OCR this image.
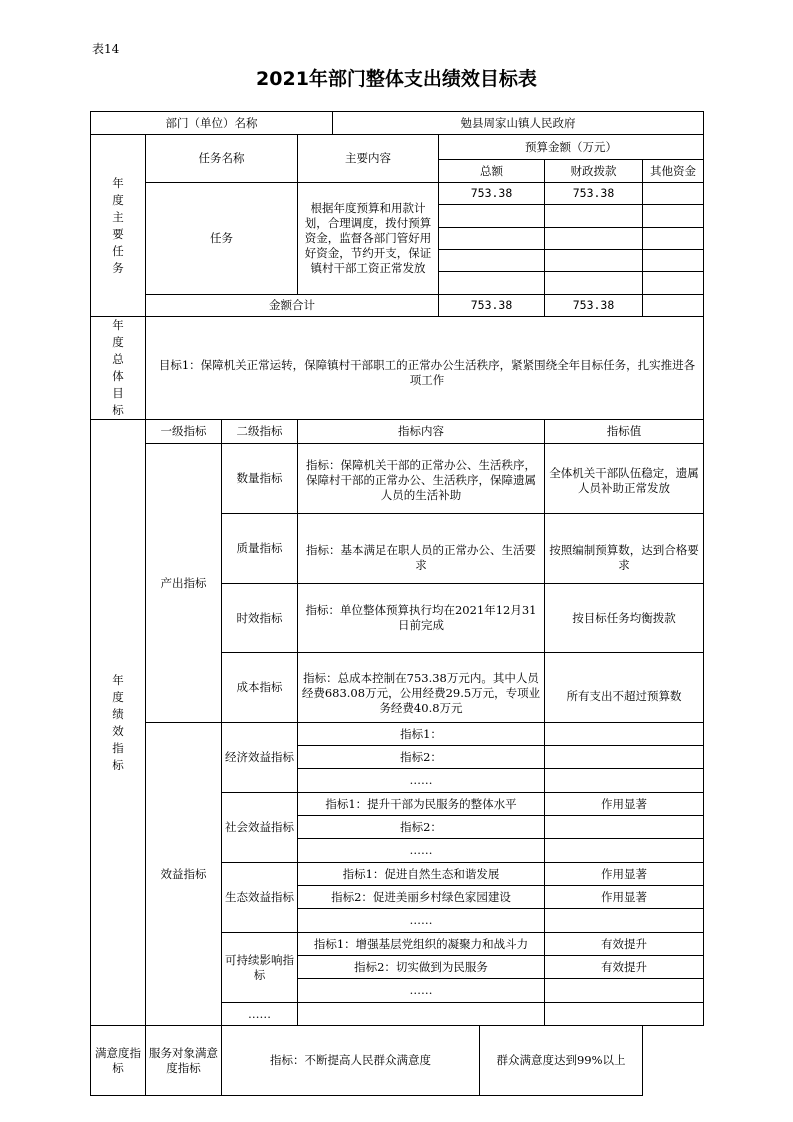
表14
2021年部门整体支出绩效目标表
部门（单位）名称				勉县周家山镇人民政府				
年度主要任务	任务名称		主要内容		预算金额（万元）			
					总额		财政拨款	其他资金
	任务		根据年度预算和用款计划，合理调度，拨付预算资金，监督各部门管好用好资金，节约开支，保证镇村干部工资正常发放		753.38		753.38	

	金额合计				753.38		753.38	
年度总体目标	目标1：保障机关正常运转，保障镇村干部职工的正常办公生活秩序，紧紧围绕全年目标任务，扎实推进各项工作							
年度绩效指标	一级指标	二级指标	指标内容				指标值	
	产出指标	数量指标	指标：保障机关干部的正常办公、生活秩序，保障村干部的正常办公、生活秩序，保障遗属人员的生活补助				全体机关干部队伍稳定，遗属人员补助正常发放	
		质量指标	指标：基本满足在职人员的正常办公、生活要求				按照编制预算数，达到合格要求	
		时效指标	指标：单位整体预算执行均在2021年12月31日前完成				按目标任务均衡拨款	
		成本指标	指标：总成本控制在753.38万元内。其中人员经费683.08万元，公用经费29.5万元，专项业务经费40.8万元				所有支出不超过预算数	
	效益指标	经济效益指标	指标1：					
			指标2：					
			……					
		社会效益指标	指标1：提升干部为民服务的整体水平				作用显著	
			指标2：					
			……					
		生态效益指标	指标1：促进自然生态和谐发展				作用显著	
			指标2：促进美丽乡村绿色家园建设				作用显著	
			……					
		可持续影响指标	指标1：增强基层党组织的凝聚力和战斗力				有效提升	
			指标2：切实做到为民服务				有效提升	
			……					
		……						
满意度指标	服务对象满意度指标	指标：不断提高人民群众满意度				群众满意度达到99%以上		
